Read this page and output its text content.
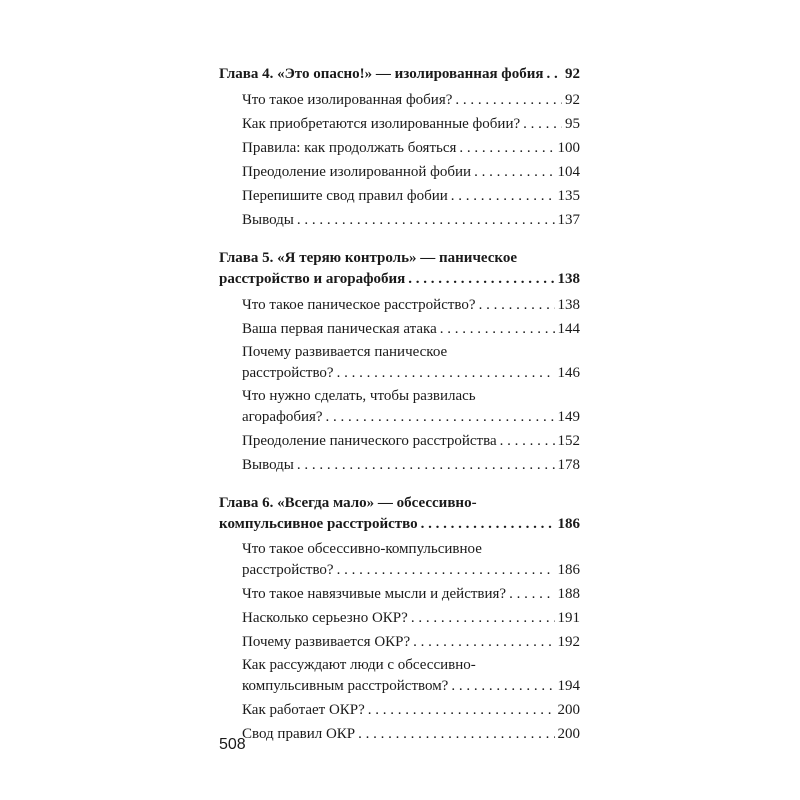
Глава 4. «Это опасно!» — изолированная фобия . . . 92
Что такое изолированная фобия? . . .	92
Как приобретаются изолированные фобии? . . .	95
Правила: как продолжать бояться . . .	100
Преодоление изолированной фобии . . .	104
Перепишите свод правил фобии . . .	135
Выводы . . .	137
Глава 5. «Я теряю контроль» — паническое
расстройство и агорафобия . . .	138
Что такое паническое расстройство? . . .	138
Ваша первая паническая атака . . .	144
Почему развивается паническое
расстройство? . . .	146
Что нужно сделать, чтобы развилась
агорафобия? . . .	149
Преодоление панического расстройства . . .	152
Выводы . . .	178
Глава 6. «Всегда мало» — обсессивно-
компульсивное расстройство . . .	186
Что такое обсессивно-компульсивное
расстройство? . . .	186
Что такое навязчивые мысли и действия? . . .	188
Насколько серьезно ОКР? . . .	191
Почему развивается ОКР? . . .	192
Как рассуждают люди с обсессивно-
компульсивным расстройством? . . .	194
Как работает ОКР? . . .	200
Свод правил ОКР . . .	200
508
